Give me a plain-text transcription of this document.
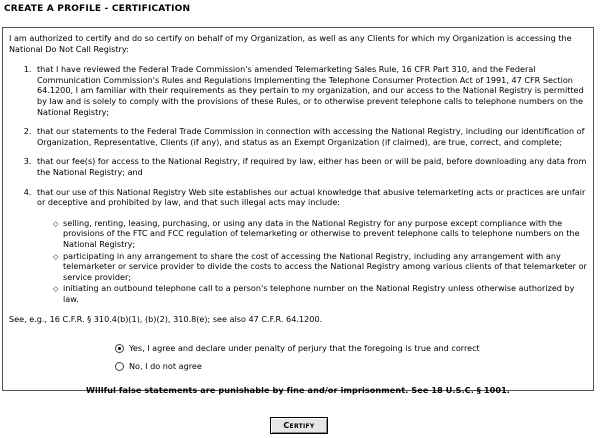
CREATE A PROFILE - CERTIFICATION

I am authorized to certify and do so certify on behalf of my Organization, as well as any Clients for which my Organization is accessing the National Do Not Call Registry:

1. that I have reviewed the Federal Trade Commission's amended Telemarketing Sales Rule, 16 CFR Part 310, and the Federal Communication Commission's Rules and Regulations Implementing the Telephone Consumer Protection Act of 1991, 47 CFR Section 64.1200, I am familiar with their requirements as they pertain to my organization, and our access to the National Registry is permitted by law and is solely to comply with the provisions of these Rules, or to otherwise prevent telephone calls to telephone numbers on the National Registry;
2. that our statements to the Federal Trade Commission in connection with accessing the National Registry, including our identification of Organization, Representative, Clients (if any), and status as an Exempt Organization (if claimed), are true, correct, and complete;
3. that our fee(s) for access to the National Registry, if required by law, either has been or will be paid, before downloading any data from the National Registry; and
4. that our use of this National Registry Web site establishes our actual knowledge that abusive telemarketing acts or practices are unfair or deceptive and prohibited by law, and that such illegal acts may include:
◇ selling, renting, leasing, purchasing, or using any data in the National Registry for any purpose except compliance with the provisions of the FTC and FCC regulation of telemarketing or otherwise to prevent telephone calls to telephone numbers on the National Registry;
◇ participating in any arrangement to share the cost of accessing the National Registry, including any arrangement with any telemarketer or service provider to divide the costs to access the National Registry among various clients of that telemarketer or service provider;
◇ initiating an outbound telephone call to a person's telephone number on the National Registry unless otherwise authorized by law.

See, e.g., 16 C.F.R. § 310.4(b)(1), (b)(2), 310.8(e); see also 47 C.F.R. 64.1200.

Yes, I agree and declare under penalty of perjury that the foregoing is true and correct
No, I do not agree
Willful false statements are punishable by fine and/or imprisonment. See 18 U.S.C. § 1001.
Certify
